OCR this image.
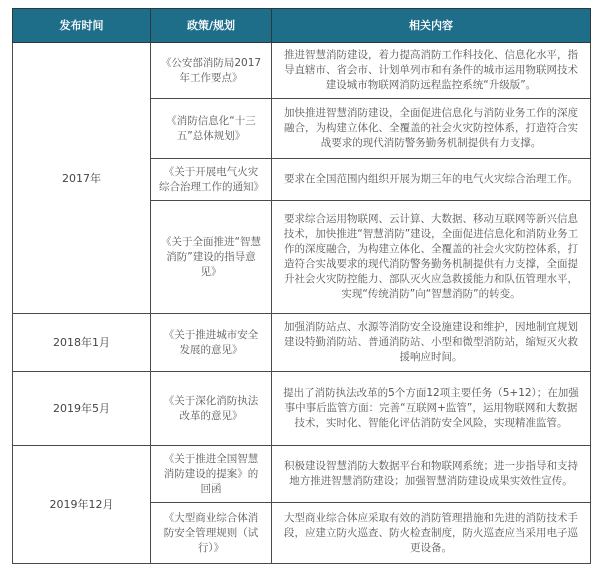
发布时间	政策/规划	相关内容
2017年	《公安部消防局2017年工作要点》	推进智慧消防建设，着力提高消防工作科技化、信息化水平，指导直辖市、省会市、计划单列市和有条件的城市运用物联网技术建设城市物联网消防远程监控系统“升级版”。
	《消防信息化“十三五”总体规划》	加快推进智慧消防建设，全面促进信息化与消防业务工作的深度融合，为构建立体化、全覆盖的社会火灾防控体系，打造符合实战要求的现代消防警务勤务机制提供有力支撑。
	《关于开展电气火灾综合治理工作的通知》	要求在全国范围内组织开展为期三年的电气火灾综合治理工作。
	《关于全面推进“智慧消防”建设的指导意见》	要求综合运用物联网、云计算、大数据、移动互联网等新兴信息技术，加快推进“智慧消防”建设，全面促进信息化和消防业务工作的深度融合，为构建立体化、全覆盖的社会火灾防控体系，打造符合实战要求的现代消防警务勤务机制提供有力支撑，全面提升社会火灾防控能力、部队灭火应急救援能力和队伍管理水平，实现“传统消防”向“智慧消防”的转变。
2018年1月	《关于推进城市安全发展的意见》	加强消防站点、水源等消防安全设施建设和维护，因地制宜规划建设特勤消防站、普通消防站、小型和微型消防站，缩短灭火救援响应时间。
2019年5月	《关于深化消防执法改革的意见》	提出了消防执法改革的5个方面12项主要任务（5+12）；在加强事中事后监管方面：完善“互联网+监管”，运用物联网和大数据技术，实时化、智能化评估消防安全风险，实现精准监管。
2019年12月	《关于推进全国智慧消防建设的提案》的回函	积极建设智慧消防大数据平台和物联网系统；进一步指导和支持地方推进智慧消防建设；加强智慧消防建设成果实效性宣传。
	《大型商业综合体消防安全管理规则（试行）》	大型商业综合体应采取有效的消防管理措施和先进的消防技术手段，应建立防火巡查、防火检查制度，防火巡查应当采用电子巡更设备。
